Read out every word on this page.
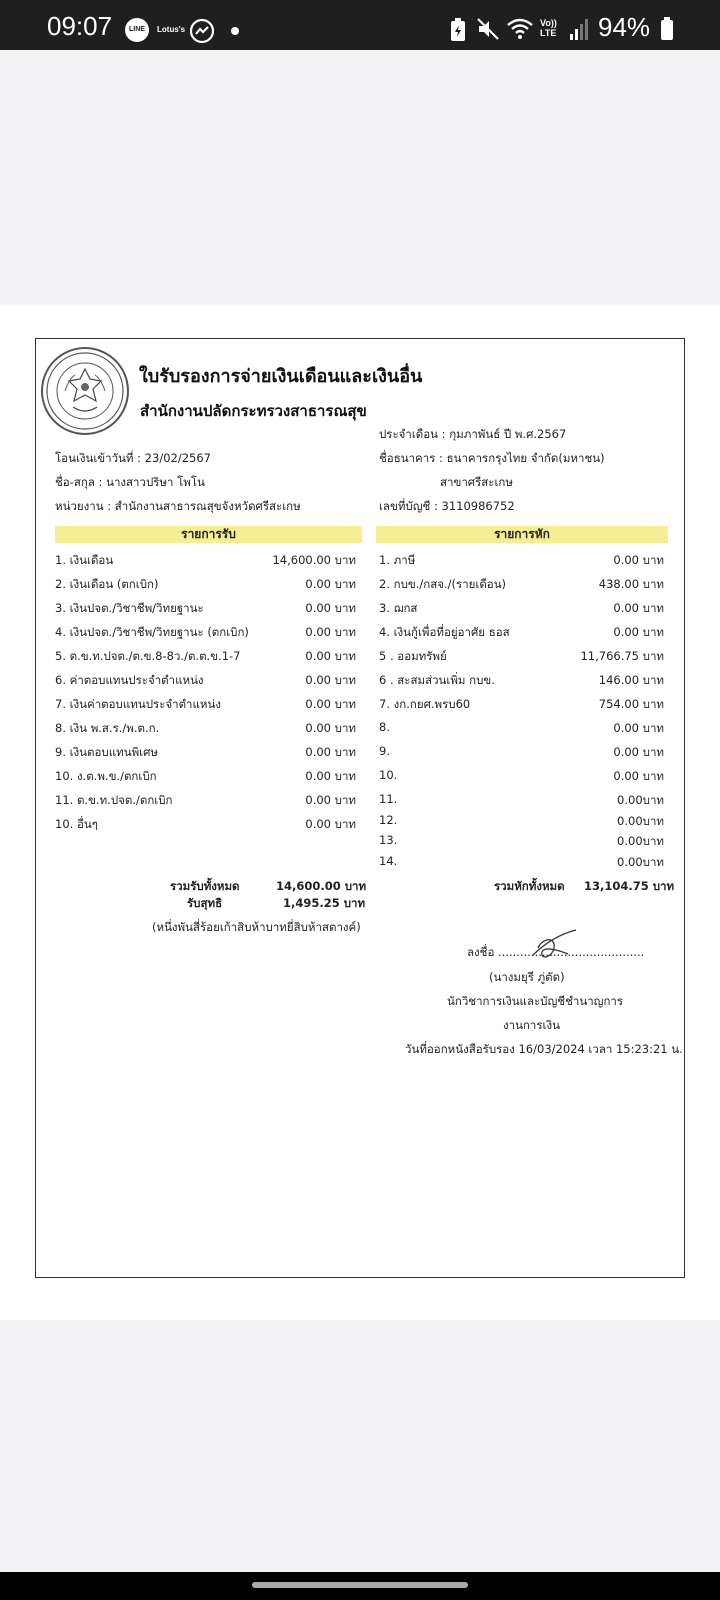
09:07	LINE	Lotus's
Vo)) LTE 94%
ใบรับรองการจ่ายเงินเดือนและเงินอื่น
สำนักงานปลัดกระทรวงสาธารณสุข
ประจำเดือน : กุมภาพันธ์ ปี พ.ศ.2567
โอนเงินเข้าวันที่ : 23/02/2567	ชื่อธนาคาร : ธนาคารกรุงไทย จำกัด(มหาชน)
ชื่อ-สกุล : นางสาวปริษา โพโน	สาขาศรีสะเกษ
หน่วยงาน : สำนักงานสาธารณสุขจังหวัดศรีสะเกษ	เลขที่บัญชี : 3110986752
รายการรับ	รายการหัก
1. เงินเดือน	14,600.00 บาท
2. เงินเดือน (ตกเบิก)	0.00 บาท
3. เงินปจต./วิชาชีพ/วิทยฐานะ	0.00 บาท
4. เงินปจต./วิชาชีพ/วิทยฐานะ (ตกเบิก)	0.00 บาท
5. ต.ข.ท.ปจต./ต.ข.8-8ว./ต.ต.ข.1-7	0.00 บาท
6. ค่าตอบแทนประจำตำแหน่ง	0.00 บาท
7. เงินค่าตอบแทนประจำตำแหน่ง	0.00 บาท
8. เงิน พ.ส.ร./พ.ต.ก.	0.00 บาท
9. เงินตอบแทนพิเศษ	0.00 บาท
10. ง.ต.พ.ข./ตกเบิก	0.00 บาท
11. ต.ข.ท.ปจต./ตกเบิก	0.00 บาท
10. อื่นๆ	0.00 บาท
1. ภาษี	0.00 บาท
2. กบข./กสจ./(รายเดือน)	438.00 บาท
3. ฌกส	0.00 บาท
4. เงินกู้เพื่อที่อยู่อาศัย ธอส	0.00 บาท
5 . ออมทรัพย์	11,766.75 บาท
6 . สะสมส่วนเพิ่ม กบข.	146.00 บาท
7. งก.กยศ.พรบ60	754.00 บาท
8.	0.00 บาท
9.	0.00 บาท
10.	0.00 บาท
11.	0.00บาท
12.	0.00บาท
13.	0.00บาท
14.	0.00บาท
รวมรับทั้งหมด	14,600.00 บาท
รับสุทธิ	1,495.25 บาท
(หนึ่งพันสี่ร้อยเก้าสิบห้าบาทยี่สิบห้าสตางค์)
รวมหักทั้งหมด 13,104.75 บาท
ลงชื่อ ........................................
(นางมยุรี ภู่ตัด)
นักวิชาการเงินและบัญชีชำนาญการ
งานการเงิน
วันที่ออกหนังสือรับรอง 16/03/2024 เวลา 15:23:21 น.
